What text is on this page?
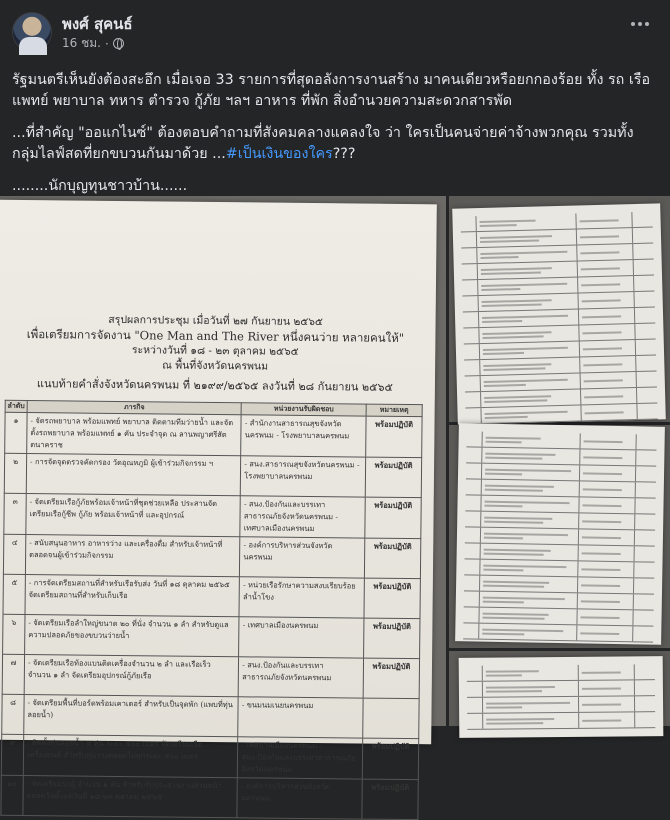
พงศ์ สุคนธ์
16 ชม. ·

รัฐมนตรีเห็นยังต้องสะอึก เมื่อเจอ 33 รายการที่สุดอลังการงานสร้าง มาคนเดียวหรือยกกองร้อย ทั้ง รถ เรือ แพทย์ พยาบาล ทหาร ตำรวจ กู้ภัย ฯลฯ อาหาร ที่พัก สิ่งอำนวยความสะดวกสารพัด

...ที่สำคัญ "ออแกไนซ์" ต้องตอบคำถามที่สังคมคลางแคลงใจ ว่า ใครเป็นคนจ่ายค่าจ้างพวกคุณ รวมทั้งกลุ่มไลฟ์สดที่ยกขบวนกันมาด้วย ...#เป็นเงินของใคร???

........นักบุญทุนชาวบ้าน......

สรุปผลการประชุม เมื่อวันที่ ๒๗ กันยายน ๒๕๖๕
เพื่อเตรียมการจัดงาน "One Man and The River หนึ่งคนว่าย หลายคนให้"
ระหว่างวันที่ ๑๘ - ๒๓ ตุลาคม ๒๕๖๕
ณ พื้นที่จังหวัดนครพนม
แนบท้ายคำสั่งจังหวัดนครพนม ที่ ๒๑๙๙/๒๕๖๕ ลงวันที่ ๒๘ กันยายน ๒๕๖๕
ลำดับ	ภารกิจ	หน่วยงานรับผิดชอบ	หมายเหตุ
๑	- จัดรถพยาบาล พร้อมแพทย์ พยาบาล ติดตามทีมว่ายน้ำ และจัดตั้งรถพยาบาล พร้อมแพทย์ ๑ คัน ประจำจุด ณ ลานพญาศรีสัตตนาคราช	- สำนักงานสาธารณสุขจังหวัดนครพนม - โรงพยาบาลนครพนม	พร้อมปฏิบัติ
๒	- การจัดจุดตรวจคัดกรอง วัดอุณหภูมิ ผู้เข้าร่วมกิจกรรม ฯ	- สนง.สาธารณสุขจังหวัดนครพนม - โรงพยาบาลนครพนม	พร้อมปฏิบัติ
๓	- จัดเตรียมเรือกู้ภัยพร้อมเจ้าหน้าที่ชุดช่วยเหลือ ประสานจัดเตรียมเรือกู้ชีพ กู้ภัย พร้อมเจ้าหน้าที่ และอุปกรณ์	- สนง.ป้องกันและบรรเทาสาธารณภัยจังหวัดนครพนม - เทศบาลเมืองนครพนม	พร้อมปฏิบัติ
๔	- สนับสนุนอาหาร อาหารว่าง และเครื่องดื่ม สำหรับเจ้าหน้าที่ ตลอดจนผู้เข้าร่วมกิจกรรม	- องค์การบริหารส่วนจังหวัดนครพนม	พร้อมปฏิบัติ
๕	- การจัดเตรียมสถานที่สำหรับเรือรับส่ง วันที่ ๑๘ ตุลาคม ๒๕๖๕ จัดเตรียมสถานที่สำหรับเก็บเรือ	- หน่วยเรือรักษาความสงบเรียบร้อยลำน้ำโขง	พร้อมปฏิบัติ
๖	- จัดเตรียมเรือลำใหญ่ขนาด ๒๐ ที่นั่ง จำนวน ๑ ลำ สำหรับดูแลความปลอดภัยของขบวนว่ายน้ำ	- เทศบาลเมืองนครพนม	พร้อมปฏิบัติ
๗	- จัดเตรียมเรือท้องแบนติดเครื่องจำนวน ๒ ลำ และเรือเร็ว จำนวน ๑ ลำ จัดเตรียมอุปกรณ์กู้ภัยเรือ	- สนง.ป้องกันและบรรเทาสาธารณภัยจังหวัดนครพนม	พร้อมปฏิบัติ
๘	- จัดเตรียมพื้นที่บอร์ดพร้อมเคาเตอร์ สำหรับเป็นจุดพัก (แพบที่ทุ่นลอยน้ำ)	- ขนมนมเนยนครพนม	
๙	- ติดตั้งทุ่นลอยน้ำ ๔ ทุ่น ระยะ ๕๐๐ เมตร จัดเตรียมเรือเครื่องยนต์ สำหรับทุ่นวางตลอดไปทุกระยะ ๕๐๐ เมตร	- เทศบาลเมืองนครพนม - สนง.ป้องกันและบรรเทาสาธารณภัยจังหวัดนครพนม	พร้อมปฏิบัติ
๑๐	- จัดเตรียมรถตู้ จำนวน ๑ คัน สำหรับรับประสานงานส่วนหน้า ตลอดวันตั้งแต่วันที่ ๑๘-๒๓ ตุลาคม ๒๕๖๕	- องค์การบริหารส่วนจังหวัดนครพนม	พร้อมปฏิบัติ
